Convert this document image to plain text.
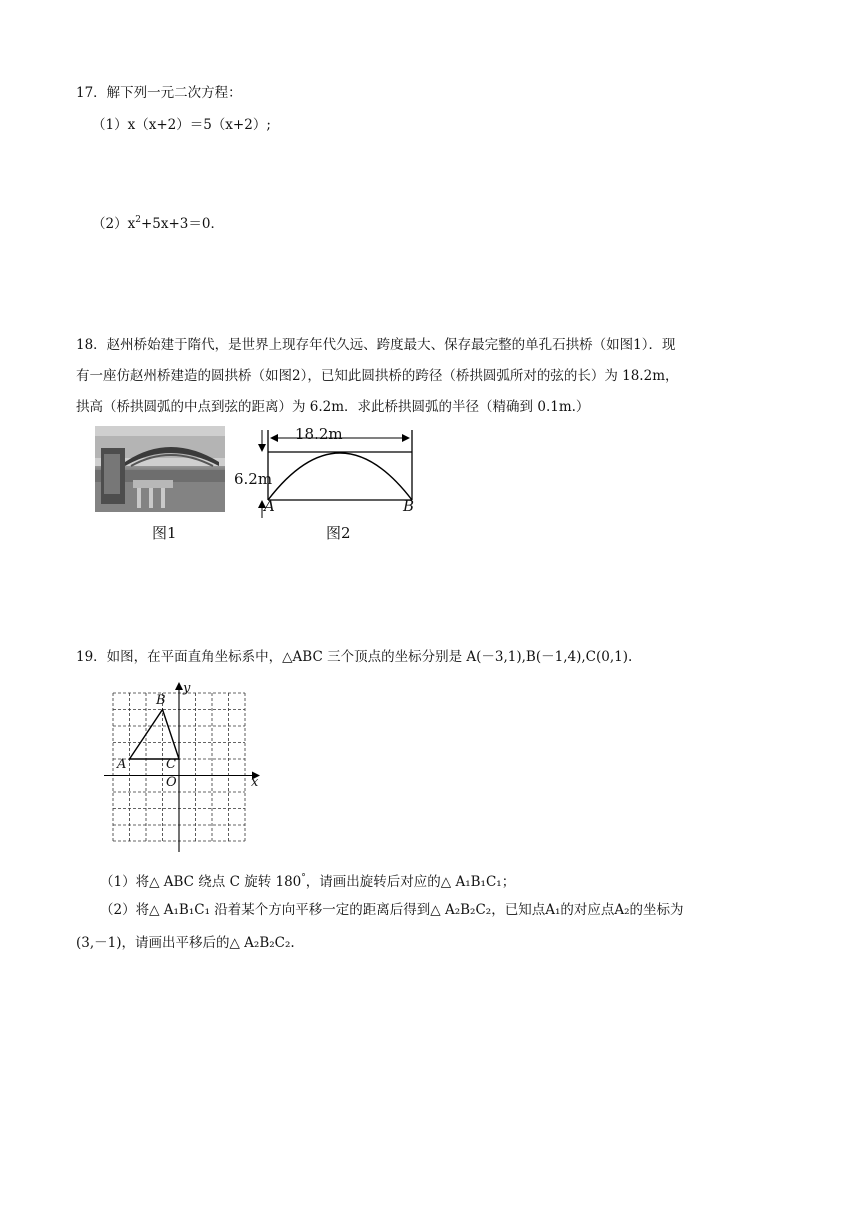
17．解下列一元二次方程：
（1）x（x+2）＝5（x+2）;
$(2)x^2+5x+3=0$．
18．赵州桥始建于隋代，是世界上现存年代久远、跨度最大、保存最完整的单孔石拱桥（如图1）．现
有一座仿赵州桥建造的圆拱桥（如图2），已知此圆拱桥的跨径（桥拱圆弧所对的弦的长）为 18.2m，
拱高（桥拱圆弧的中点到弦的距离）为 6.2m．求此桥拱圆弧的半径（精确到 0.1m.）
图1
18.2m
6.2m
A	B
图2
19．如图，在平面直角坐标系中，△ABC 三个顶点的坐标分别是 A(－3,1),B(－1,4),C(0,1).
y
x
O
A
B
C
（1）将△ ABC 绕点 C 旋转 180°，请画出旋转后对应的△ A₁B₁C₁；
（2）将△ A₁B₁C₁ 沿着某个方向平移一定的距离后得到△ A₂B₂C₂，已知点A₁的对应点A₂的坐标为
(3,－1)，请画出平移后的△ A₂B₂C₂.
